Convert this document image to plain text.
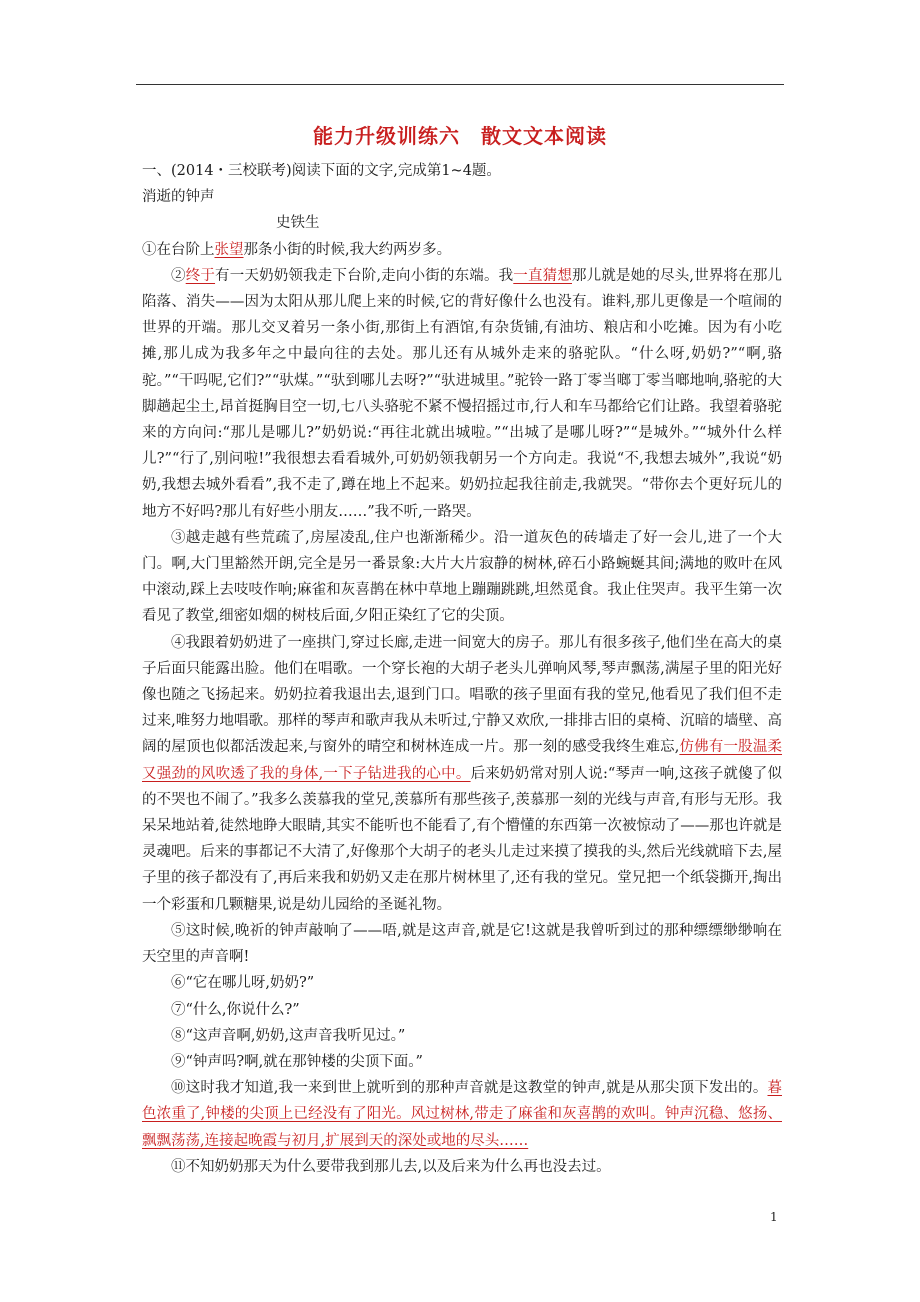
能力升级训练六　散文文本阅读

一、(2014・三校联考)阅读下面的文字,完成第1~4题。

消逝的钟声

史铁生

①在台阶上张望那条小街的时候,我大约两岁多。

②终于有一天奶奶领我走下台阶,走向小街的东端。我一直猜想那儿就是她的尽头,世界将在那儿陷落、消失——因为太阳从那儿爬上来的时候,它的背好像什么也没有。谁料,那儿更像是一个喧闹的世界的开端。那儿交叉着另一条小街,那街上有酒馆,有杂货铺,有油坊、粮店和小吃摊。因为有小吃摊,那儿成为我多年之中最向往的去处。那儿还有从城外走来的骆驼队。“什么呀,奶奶?”“啊,骆驼。”“干吗呢,它们?”“驮煤。”“驮到哪儿去呀?”“驮进城里。”驼铃一路丁零当啷丁零当啷地响,骆驼的大脚趟起尘土,昂首挺胸目空一切,七八头骆驼不紧不慢招摇过市,行人和车马都给它们让路。我望着骆驼来的方向问:“那儿是哪儿?”奶奶说:“再往北就出城啦。”“出城了是哪儿呀?”“是城外。”“城外什么样儿?”“行了,别问啦!”我很想去看看城外,可奶奶领我朝另一个方向走。我说“不,我想去城外”,我说“奶奶,我想去城外看看”,我不走了,蹲在地上不起来。奶奶拉起我往前走,我就哭。“带你去个更好玩儿的地方不好吗?那儿有好些小朋友……”我不听,一路哭。

③越走越有些荒疏了,房屋凌乱,住户也渐渐稀少。沿一道灰色的砖墙走了好一会儿,进了一个大门。啊,大门里豁然开朗,完全是另一番景象:大片大片寂静的树林,碎石小路蜿蜒其间;满地的败叶在风中滚动,踩上去吱吱作响;麻雀和灰喜鹊在林中草地上蹦蹦跳跳,坦然觅食。我止住哭声。我平生第一次看见了教堂,细密如烟的树枝后面,夕阳正染红了它的尖顶。

④我跟着奶奶进了一座拱门,穿过长廊,走进一间宽大的房子。那儿有很多孩子,他们坐在高大的桌子后面只能露出脸。他们在唱歌。一个穿长袍的大胡子老头儿弹响风琴,琴声飘荡,满屋子里的阳光好像也随之飞扬起来。奶奶拉着我退出去,退到门口。唱歌的孩子里面有我的堂兄,他看见了我们但不走过来,唯努力地唱歌。那样的琴声和歌声我从未听过,宁静又欢欣,一排排古旧的桌椅、沉暗的墙壁、高阔的屋顶也似都活泼起来,与窗外的晴空和树林连成一片。那一刻的感受我终生难忘,仿佛有一股温柔又强劲的风吹透了我的身体,一下子钻进我的心中。后来奶奶常对别人说:“琴声一响,这孩子就傻了似的不哭也不闹了。”我多么羡慕我的堂兄,羡慕所有那些孩子,羡慕那一刻的光线与声音,有形与无形。我呆呆地站着,徒然地睁大眼睛,其实不能听也不能看了,有个懵懂的东西第一次被惊动了——那也许就是灵魂吧。后来的事都记不大清了,好像那个大胡子的老头儿走过来摸了摸我的头,然后光线就暗下去,屋子里的孩子都没有了,再后来我和奶奶又走在那片树林里了,还有我的堂兄。堂兄把一个纸袋撕开,掏出一个彩蛋和几颗糖果,说是幼儿园给的圣诞礼物。

⑤这时候,晚祈的钟声敲响了——唔,就是这声音,就是它!这就是我曾听到过的那种缥缥缈缈响在天空里的声音啊!

⑥“它在哪儿呀,奶奶?”

⑦“什么,你说什么?”

⑧“这声音啊,奶奶,这声音我听见过。”

⑨“钟声吗?啊,就在那钟楼的尖顶下面。”

⑩这时我才知道,我一来到世上就听到的那种声音就是这教堂的钟声,就是从那尖顶下发出的。暮色浓重了,钟楼的尖顶上已经没有了阳光。风过树林,带走了麻雀和灰喜鹊的欢叫。钟声沉稳、悠扬、飘飘荡荡,连接起晚霞与初月,扩展到天的深处或地的尽头……

⑪不知奶奶那天为什么要带我到那儿去,以及后来为什么再也没去过。

1
